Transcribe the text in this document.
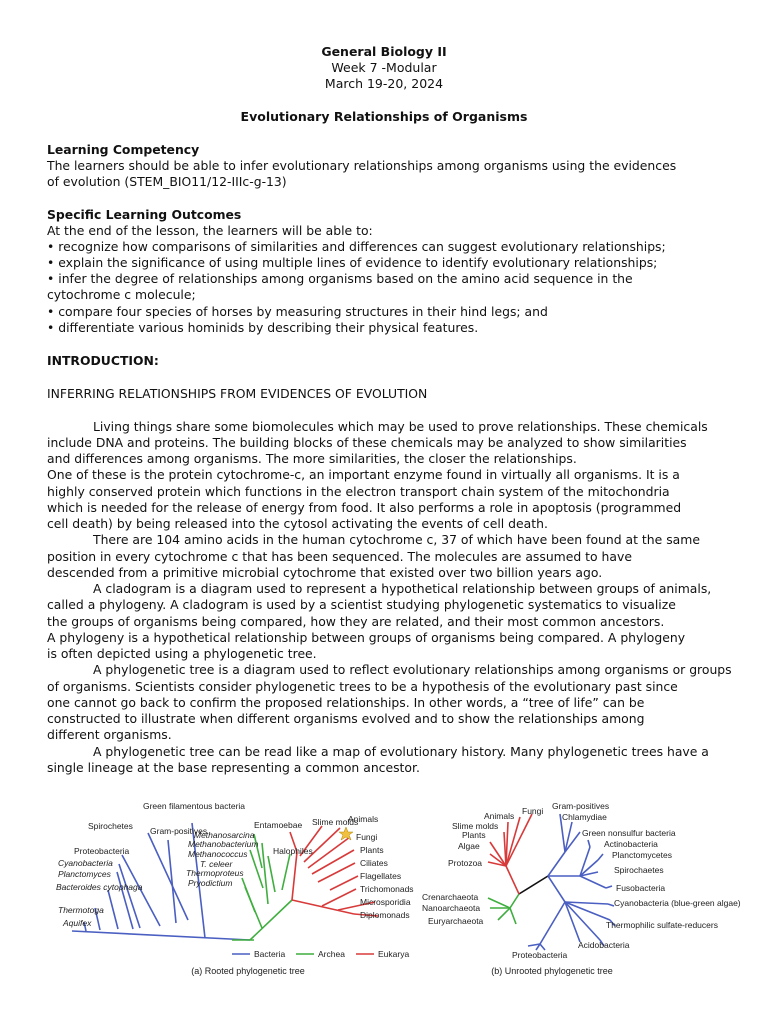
General Biology II
Week 7 -Modular
March 19-20, 2024
Evolutionary Relationships of Organisms
Learning Competency
The learners should be able to infer evolutionary relationships among organisms using the evidences
of evolution (STEM_BIO11/12-IIIc-g-13)
Specific Learning Outcomes
At the end of the lesson, the learners will be able to:
• recognize how comparisons of similarities and differences can suggest evolutionary relationships;
• explain the significance of using multiple lines of evidence to identify evolutionary relationships;
• infer the degree of relationships among organisms based on the amino acid sequence in the
cytochrome c molecule;
• compare four species of horses by measuring structures in their hind legs; and
• differentiate various hominids by describing their physical features.
INTRODUCTION:
INFERRING RELATIONSHIPS FROM EVIDENCES OF EVOLUTION
Living things share some biomolecules which may be used to prove relationships. These chemicals
include DNA and proteins. The building blocks of these chemicals may be analyzed to show similarities
and differences among organisms. The more similarities, the closer the relationships.
One of these is the protein cytochrome-c, an important enzyme found in virtually all organisms. It is a
highly conserved protein which functions in the electron transport chain system of the mitochondria
which is needed for the release of energy from food. It also performs a role in apoptosis (programmed
cell death) by being released into the cytosol activating the events of cell death.
There are 104 amino acids in the human cytochrome c, 37 of which have been found at the same
position in every cytochrome c that has been sequenced. The molecules are assumed to have
descended from a primitive microbial cytochrome that existed over two billion years ago.
A cladogram is a diagram used to represent a hypothetical relationship between groups of animals,
called a phylogeny. A cladogram is used by a scientist studying phylogenetic systematics to visualize
the groups of organisms being compared, how they are related, and their most common ancestors.
A phylogeny is a hypothetical relationship between groups of organisms being compared. A phylogeny
is often depicted using a phylogenetic tree.
A phylogenetic tree is a diagram used to reflect evolutionary relationships among organisms or groups
of organisms. Scientists consider phylogenetic trees to be a hypothesis of the evolutionary past since
one cannot go back to confirm the proposed relationships. In other words, a “tree of life” can be
constructed to illustrate when different organisms evolved and to show the relationships among
different organisms.
A phylogenetic tree can be read like a map of evolutionary history. Many phylogenetic trees have a
single lineage at the base representing a common ancestor.
Green filamentous bacteria
Spirochetes Gram-positives
Proteobacteria
Cyanobacteria
Planctomyces
Bacteroides cytophaga
Thermotoga
Aquifex
Methanosarcina
Methanobacterium
Methanococcus
T. celeer
Thermoproteus
Pryodictium
Halophiles
Entamoebae Slime molds
Animals
Fungi
Plants
Ciliates
Flagellates
Trichomonads
Microsporidia
Diplomonads
Bacteria	Archea	Eukarya
(a) Rooted phylogenetic tree
Gram-positives
Chlamydiae
Green nonsulfur bacteria
Actinobacteria
Planctomycetes
Spirochaetes
Fusobacteria
Cyanobacteria (blue-green algae)
Thermophilic sulfate-reducers
Acidobacteria
Proteobacteria
Crenarchaeota
Nanoarchaeota
Euryarchaeota
Animals Fungi
Slime molds
Plants
Algae
Protozoa
(b) Unrooted phylogenetic tree
